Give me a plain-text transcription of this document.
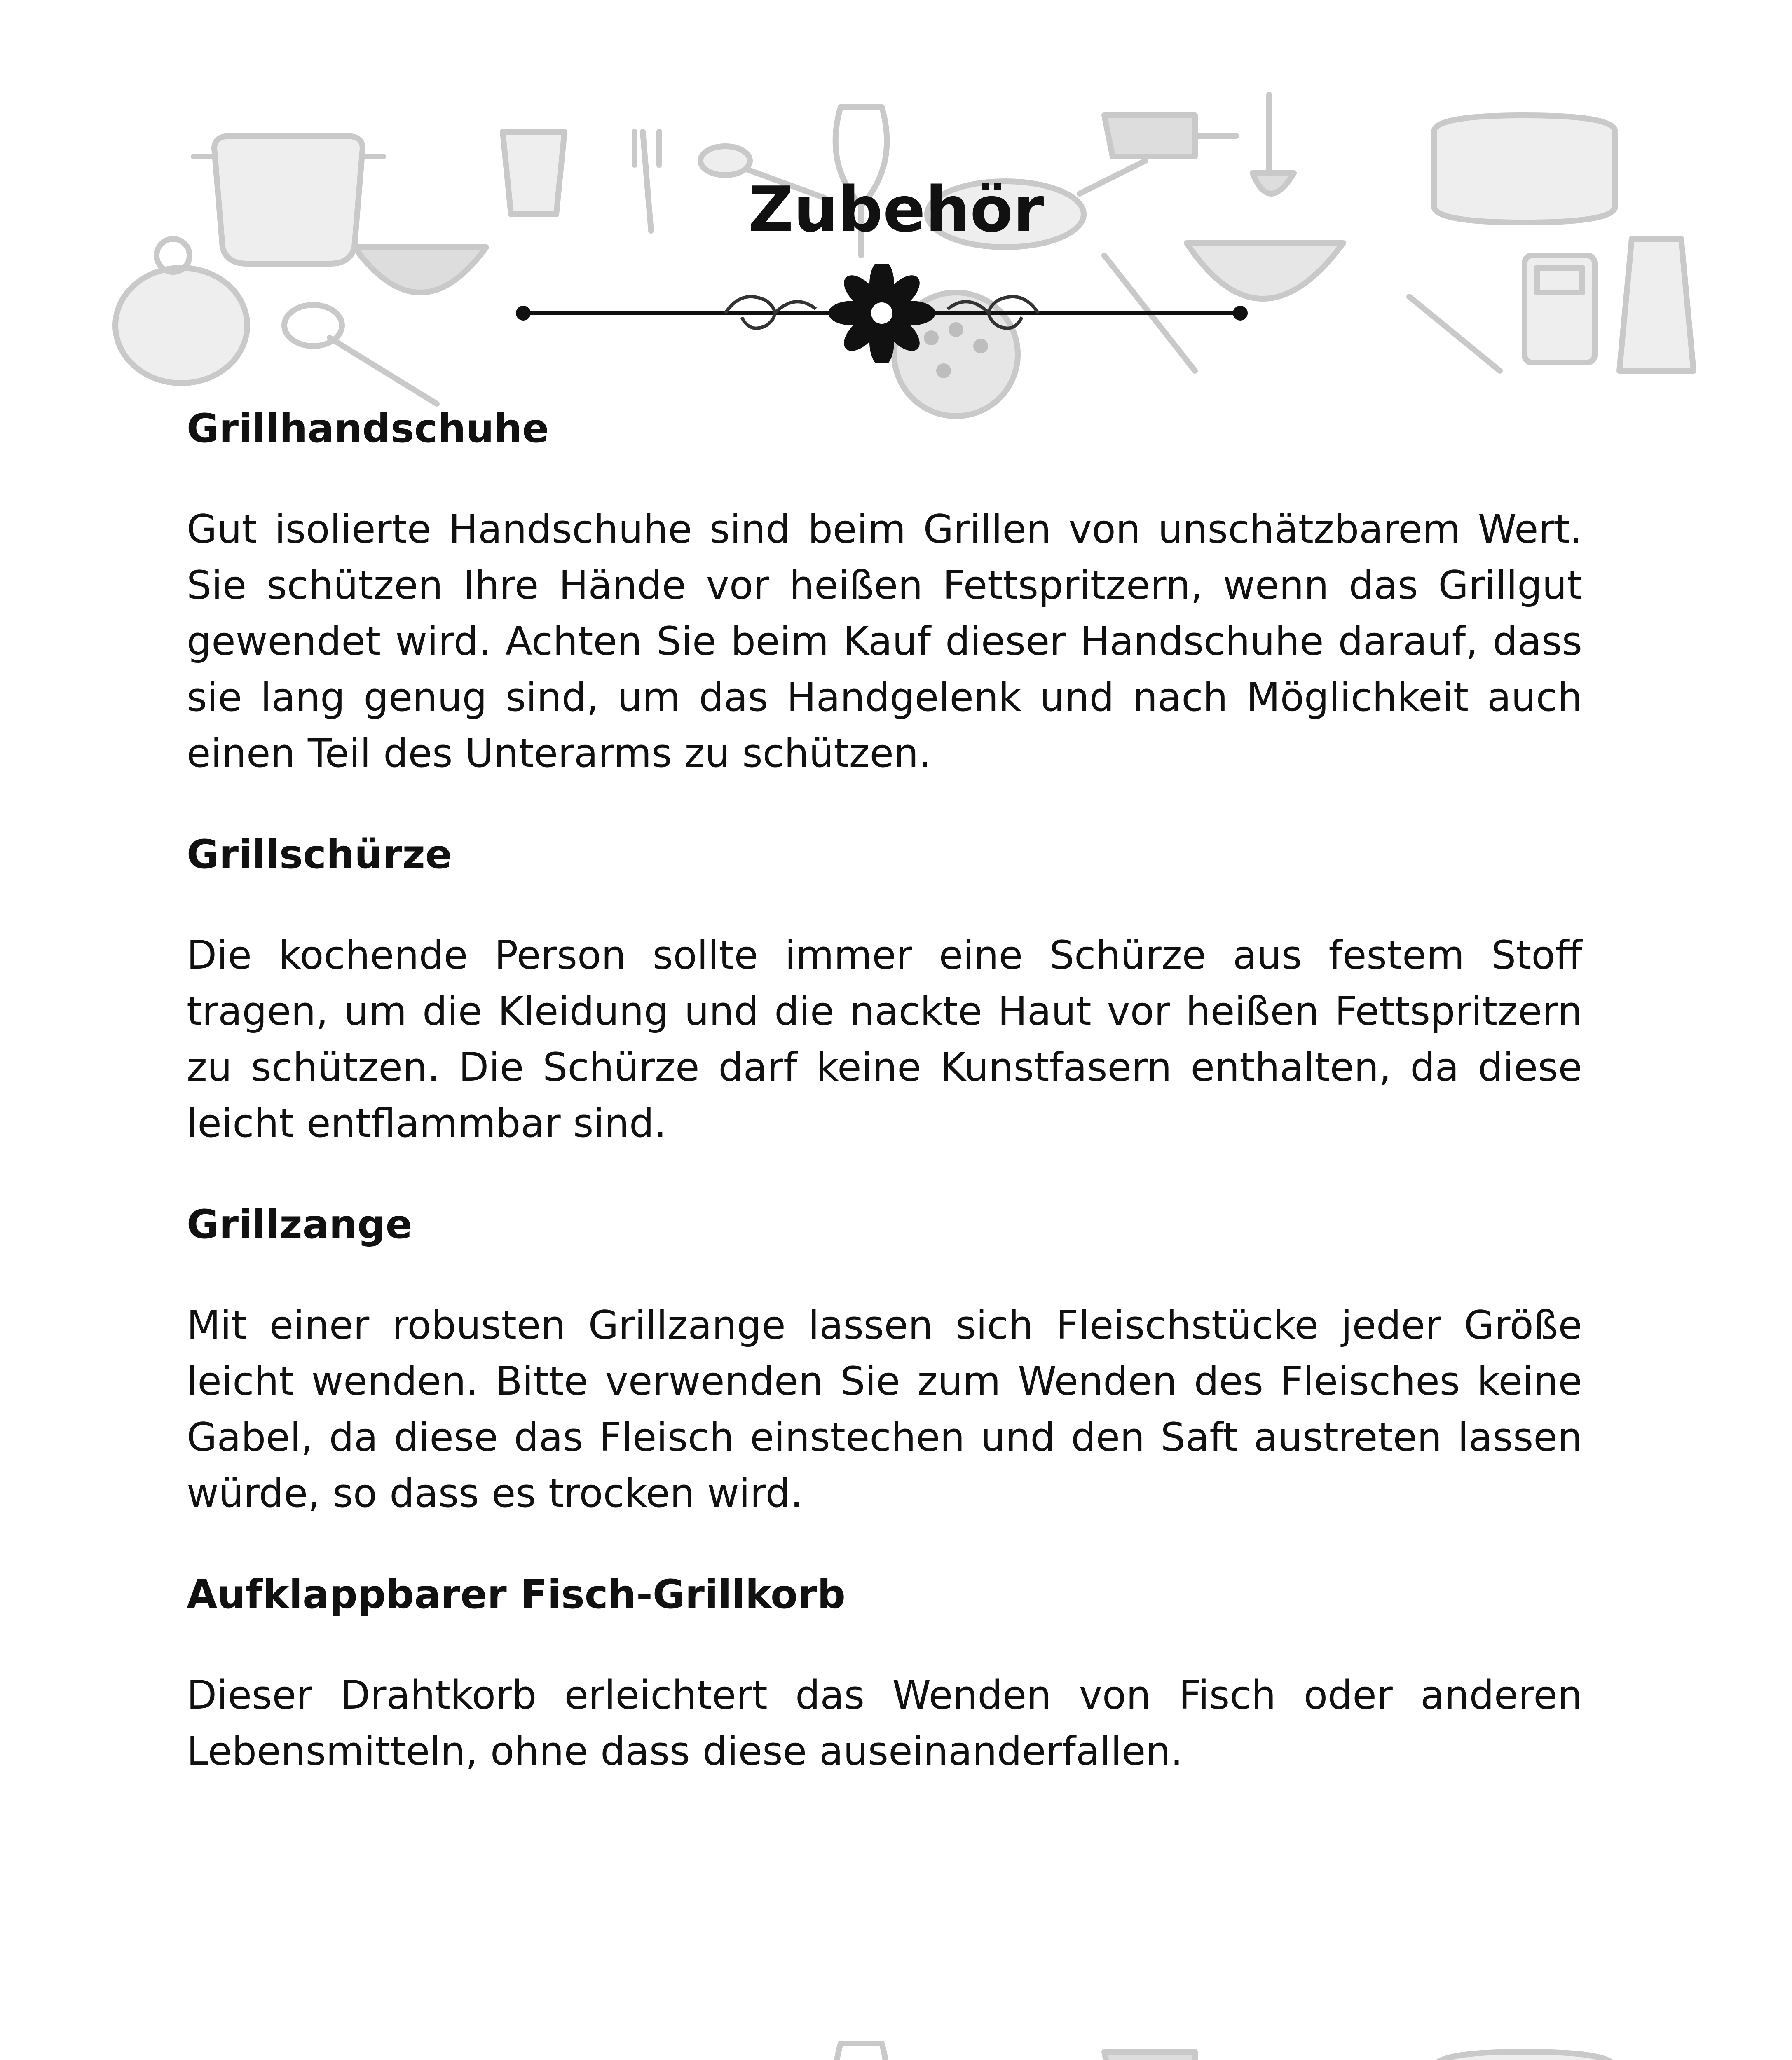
Zubehör
Grillhandschuhe

Gut isolierte Handschuhe sind beim Grillen von unschätzbarem Wert. Sie schützen Ihre Hände vor heißen Fettspritzern, wenn das Grillgut gewendet wird. Achten Sie beim Kauf dieser Handschuhe darauf, dass sie lang genug sind, um das Handgelenk und nach Möglichkeit auch einen Teil des Unterarms zu schützen.

Grillschürze

Die kochende Person sollte immer eine Schürze aus festem Stoff tragen, um die Kleidung und die nackte Haut vor heißen Fettspritzern zu schützen. Die Schürze darf keine Kunstfasern enthalten, da diese leicht entflammbar sind.

Grillzange

Mit einer robusten Grillzange lassen sich Fleischstücke jeder Größe leicht wenden. Bitte verwenden Sie zum Wenden des Fleisches keine Gabel, da diese das Fleisch einstechen und den Saft austreten lassen würde, so dass es trocken wird.

Aufklappbarer Fisch-Grillkorb

Dieser Drahtkorb erleichtert das Wenden von Fisch oder anderen Lebensmitteln, ohne dass diese auseinanderfallen.
